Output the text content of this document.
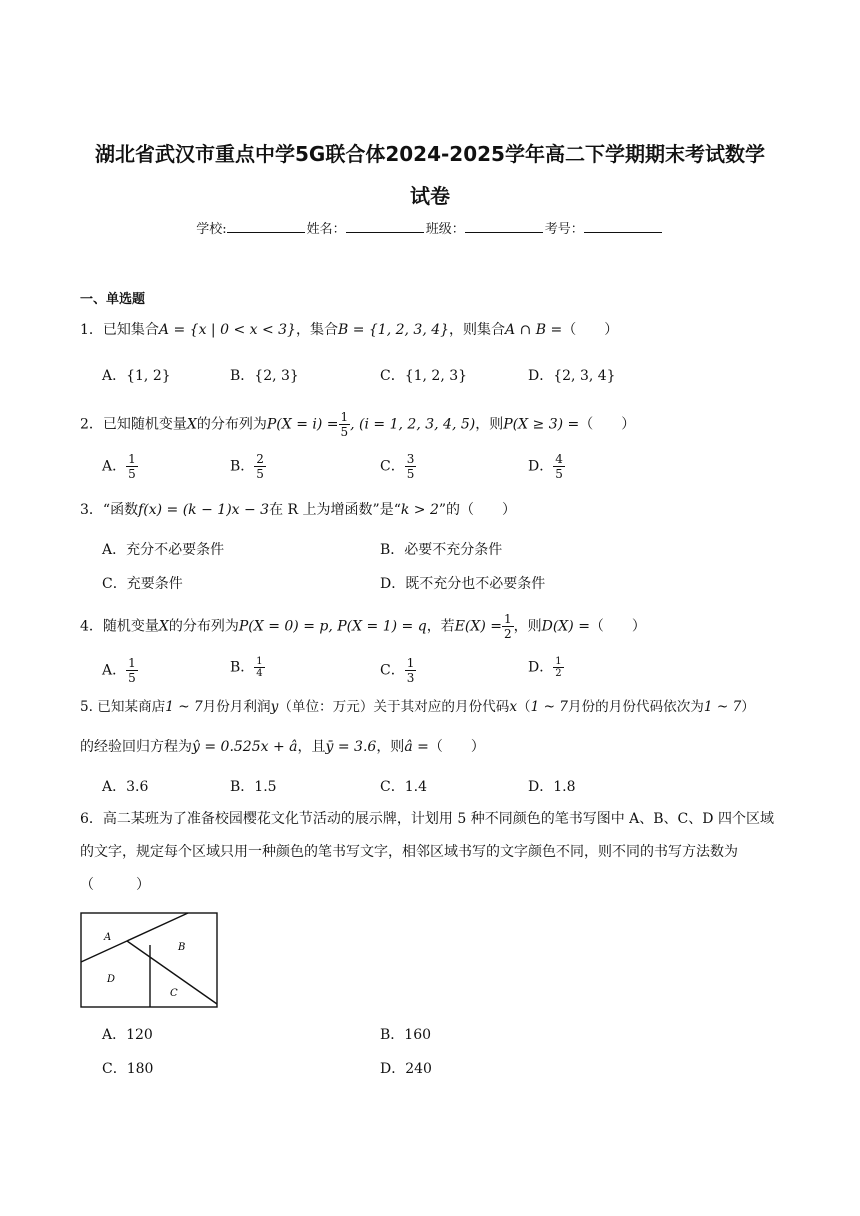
湖北省武汉市重点中学5G联合体2024-2025学年高二下学期期末考试数学
试卷
学校:	姓名：	班级：	考号：
一、单选题
1．已知集合A = {x | 0 < x < 3}，集合B = {1, 2, 3, 4}，则集合A ∩ B =（　　）
A．{1, 2}	B．{2, 3}	C．{1, 2, 3}	D．{2, 3, 4}
2．已知随机变量X的分布列为$P(X = i) = \frac{1}{5}$ , (i = 1, 2, 3, 4, 5)，则P(X ≥ 3) =（　　）
A． $\frac{1}{5}$	B． $\frac{2}{5}$	C． $\frac{3}{5}$	D． $\frac{4}{5}$
3．“函数f(x) = (k − 1)x − 3在 R 上为增函数”是“k > 2”的（　　）
A．充分不必要条件	B．必要不充分条件
C．充要条件	D．既不充分也不必要条件
4．随机变量X的分布列为P(X = 0) = p, P(X = 1) = q，若$E(X) = \frac{1}{2}$ ，则D(X) =（　　）
A． $\frac{1}{5}$	B． $\frac{1}{4}$	C． $\frac{1}{3}$	D． $\frac{1}{2}$
5. 已知某商店1 ~ 7月份月利润y（单位：万元）关于其对应的月份代码x（1 ~ 7月份的月份代码依次为1 ~ 7）
的经验回归方程为ŷ = 0.525x + â，且ȳ = 3.6，则â =（　　）
A．3.6	B．1.5	C．1.4	D．1.8
6．高二某班为了准备校园樱花文化节活动的展示牌，计划用 5 种不同颜色的笔书写图中 A、B、C、D 四个区域的文字，规定每个区域只用一种颜色的笔书写文字，相邻区域书写的文字颜色不同，则不同的书写方法数为（　　　）
A
B
C
D
A．120	B．160
C．180	D．240
